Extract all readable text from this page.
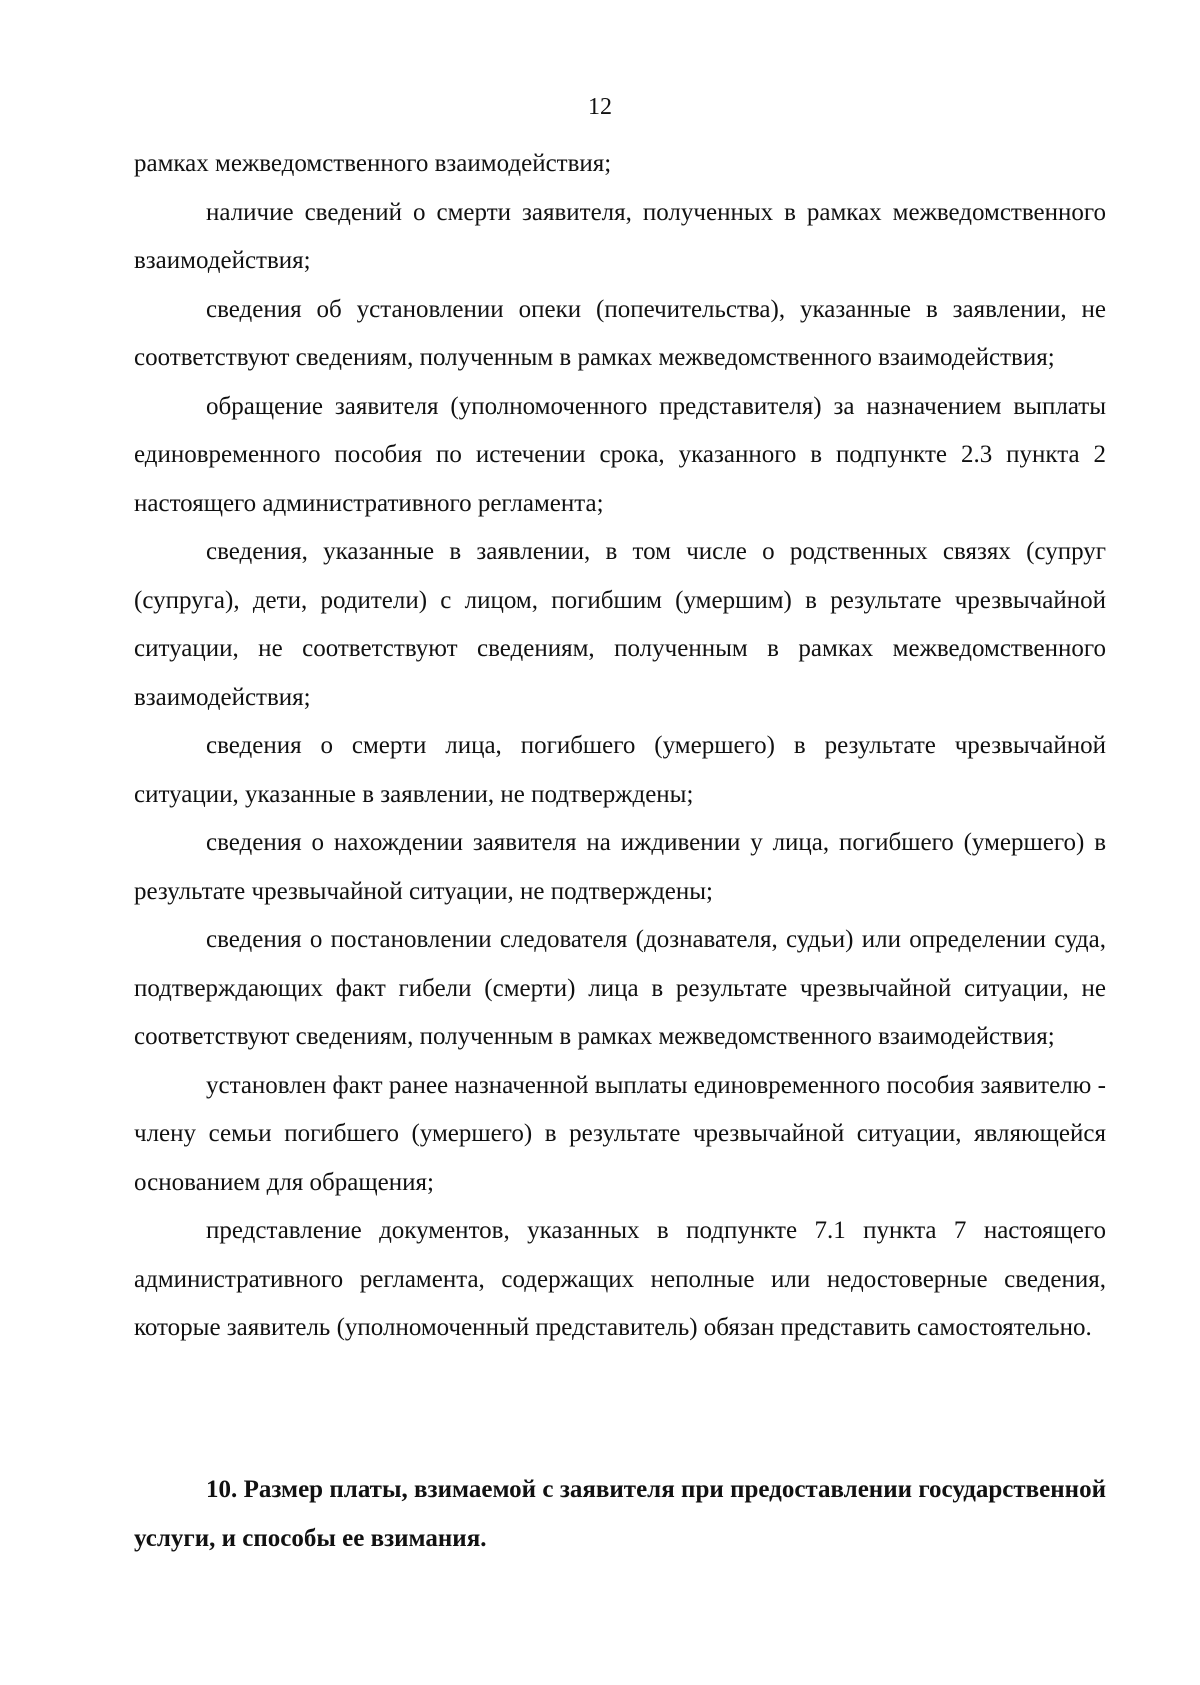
12

рамках межведомственного взаимодействия;

наличие сведений о смерти заявителя, полученных в рамках межведомственного взаимодействия;

сведения об установлении опеки (попечительства), указанные в заявлении, не соответствуют сведениям, полученным в рамках межведомственного взаимодействия;

обращение заявителя (уполномоченного представителя) за назначением выплаты единовременного пособия по истечении срока, указанного в подпункте 2.3 пункта 2 настоящего административного регламента;

сведения, указанные в заявлении, в том числе о родственных связях (супруг (супруга), дети, родители) с лицом, погибшим (умершим) в результате чрезвычайной ситуации, не соответствуют сведениям, полученным в рамках межведомственного взаимодействия;

сведения о смерти лица, погибшего (умершего) в результате чрезвычайной ситуации, указанные в заявлении, не подтверждены;

сведения о нахождении заявителя на иждивении у лица, погибшего (умершего) в результате чрезвычайной ситуации, не подтверждены;

сведения о постановлении следователя (дознавателя, судьи) или определении суда, подтверждающих факт гибели (смерти) лица в результате чрезвычайной ситуации, не соответствуют сведениям, полученным в рамках межведомственного взаимодействия;

установлен факт ранее назначенной выплаты единовременного пособия заявителю - члену семьи погибшего (умершего) в результате чрезвычайной ситуации, являющейся основанием для обращения;

представление документов, указанных в подпункте 7.1 пункта 7 настоящего административного регламента, содержащих неполные или недостоверные сведения, которые заявитель (уполномоченный представитель) обязан представить самостоятельно.

10. Размер платы, взимаемой с заявителя при предоставлении государственной услуги, и способы ее взимания.
